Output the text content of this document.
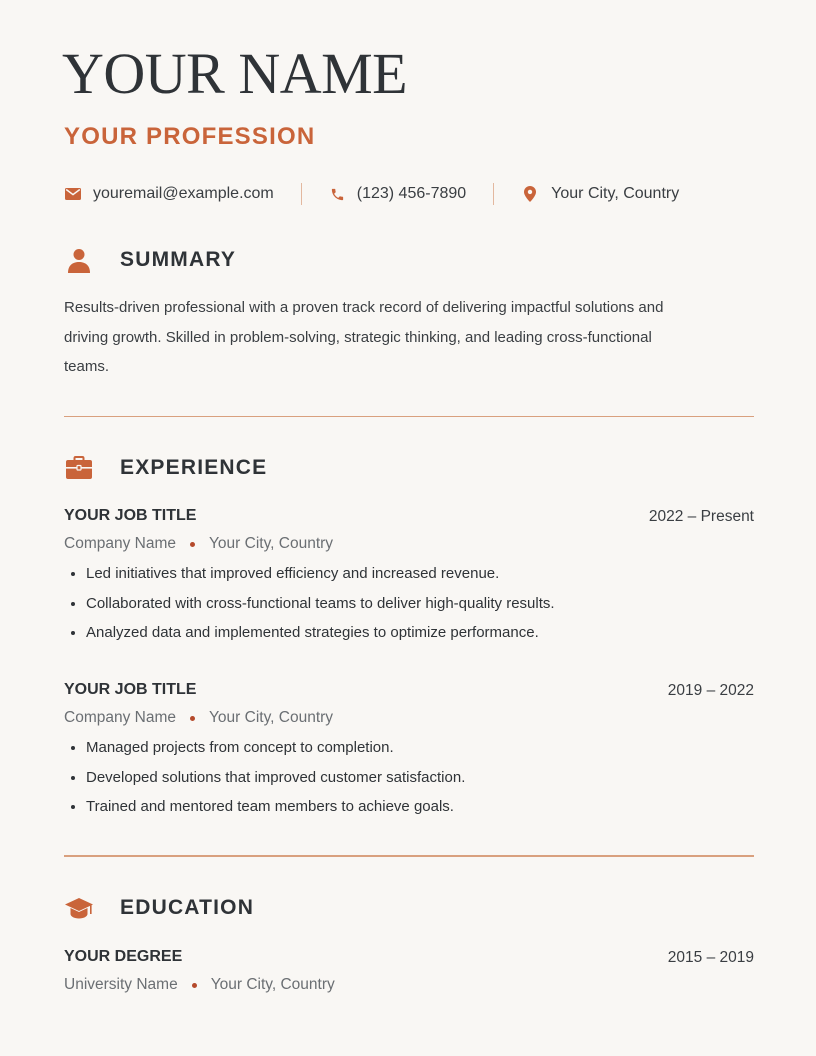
YOUR NAME
YOUR PROFESSION
youremail@example.com	(123) 456-7890	Your City, Country
SUMMARY

Results-driven professional with a proven track record of delivering impactful solutions and driving growth. Skilled in problem-solving, strategic thinking, and leading cross-functional teams.

EXPERIENCE
YOUR JOB TITLE	2022 – Present
Company Name Your City, Country
Led initiatives that improved efficiency and increased revenue.
Collaborated with cross-functional teams to deliver high-quality results.
Analyzed data and implemented strategies to optimize performance.
YOUR JOB TITLE	2019 – 2022
Company Name Your City, Country
Managed projects from concept to completion.
Developed solutions that improved customer satisfaction.
Trained and mentored team members to achieve goals.
EDUCATION
YOUR DEGREE	2015 – 2019
University Name Your City, Country
